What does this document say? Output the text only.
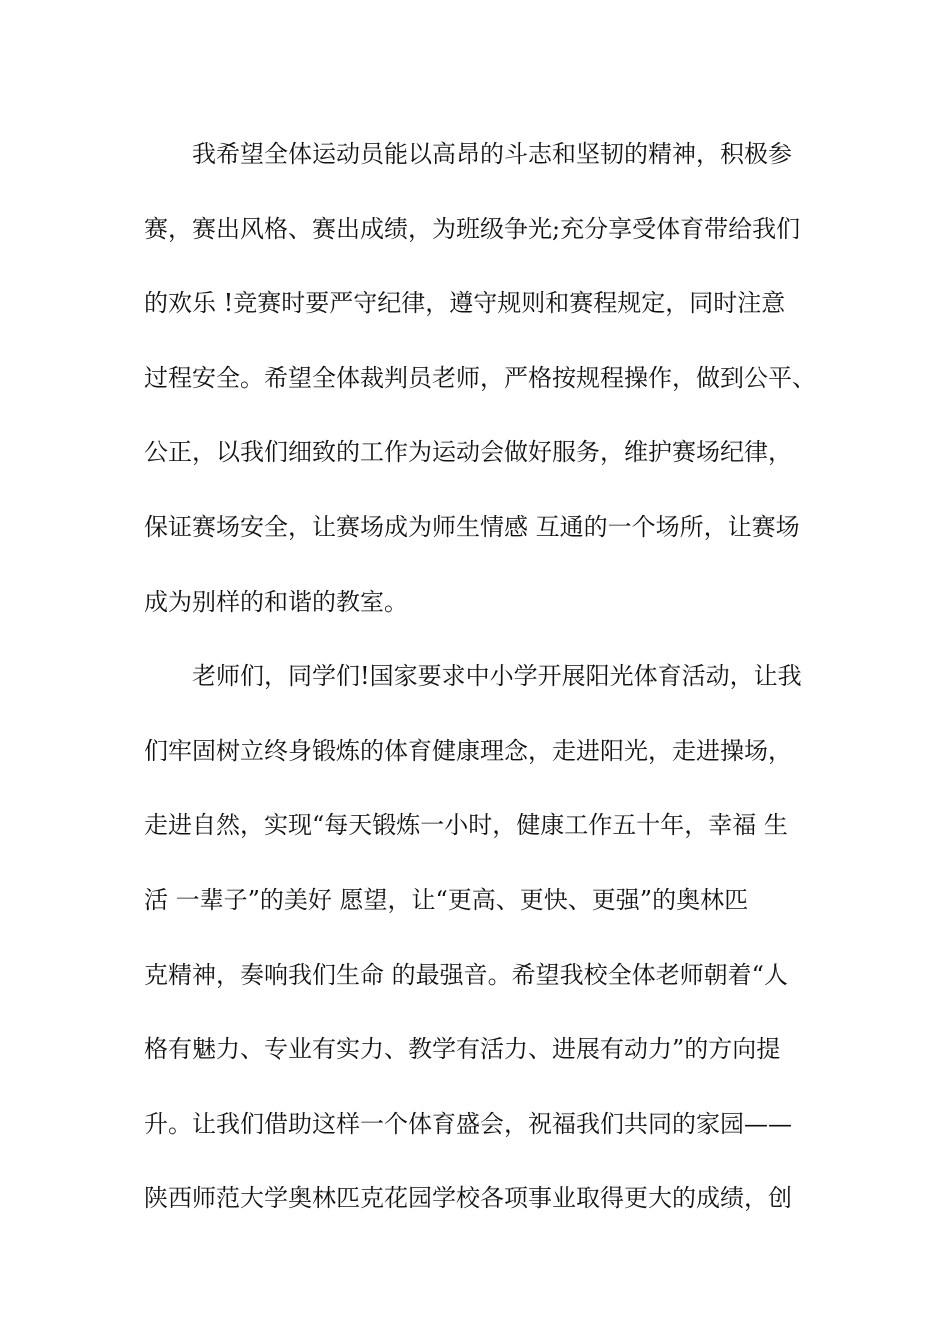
　　我希望全体运动员能以高昂的斗志和坚韧的精神，积极参
赛，赛出风格、赛出成绩，为班级争光;充分享受体育带给我们
的欢乐 !竞赛时要严守纪律，遵守规则和赛程规定，同时注意
过程安全。希望全体裁判员老师，严格按规程操作，做到公平、
公正，以我们细致的工作为运动会做好服务，维护赛场纪律，
保证赛场安全，让赛场成为师生情感 互通的一个场所，让赛场
成为别样的和谐的教室。
　　老师们，同学们!国家要求中小学开展阳光体育活动，让我
们牢固树立终身锻炼的体育健康理念，走进阳光，走进操场，
走进自然，实现“每天锻炼一小时，健康工作五十年，幸福 生
活 一辈子”的美好 愿望，让“更高、更快、更强”的奥林匹
克精神，奏响我们生命 的最强音。希望我校全体老师朝着“人
格有魅力、专业有实力、教学有活力、进展有动力”的方向提
升。让我们借助这样一个体育盛会，祝福我们共同的家园——
陕西师范大学奥林匹克花园学校各项事业取得更大的成绩，创
